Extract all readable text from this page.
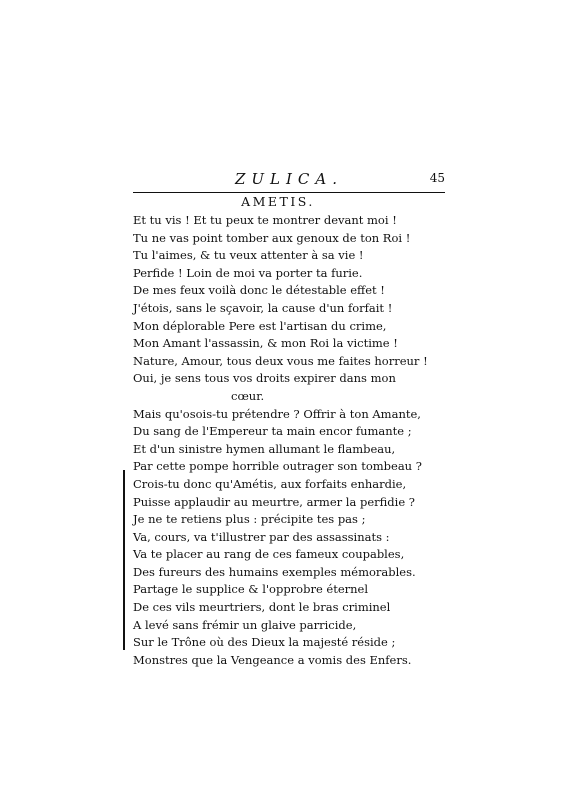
ZULICA.	45
AMETIS.
Et tu vis ! Et tu peux te montrer devant moi !
Tu ne vas point tomber aux genoux de ton Roi !
Tu l'aimes, & tu veux attenter à sa vie !
Perfide ! Loin de moi va porter ta furie.
De mes feux voilà donc le détestable effet !
J'étois, sans le sçavoir, la cause d'un forfait !
Mon déplorable Pere est l'artisan du crime,
Mon Amant l'assassin, & mon Roi la victime !
Nature, Amour, tous deux vous me faites horreur !
Oui, je sens tous vos droits expirer dans mon
cœur.
Mais qu'osois-tu prétendre ? Offrir à ton Amante,
Du sang de l'Empereur ta main encor fumante ;
Et d'un sinistre hymen allumant le flambeau,
Par cette pompe horrible outrager son tombeau ?
Crois-tu donc qu'Amétis, aux forfaits enhardie,
Puisse applaudir au meurtre, armer la perfidie ?
Je ne te retiens plus : précipite tes pas ;
Va, cours, va t'illustrer par des assassinats :
Va te placer au rang de ces fameux coupables,
Des fureurs des humains exemples mémorables.
Partage le supplice & l'opprobre éternel
De ces vils meurtriers, dont le bras criminel
A levé sans frémir un glaive parricide,
Sur le Trône où des Dieux la majesté réside ;
Monstres que la Vengeance a vomis des Enfers.
